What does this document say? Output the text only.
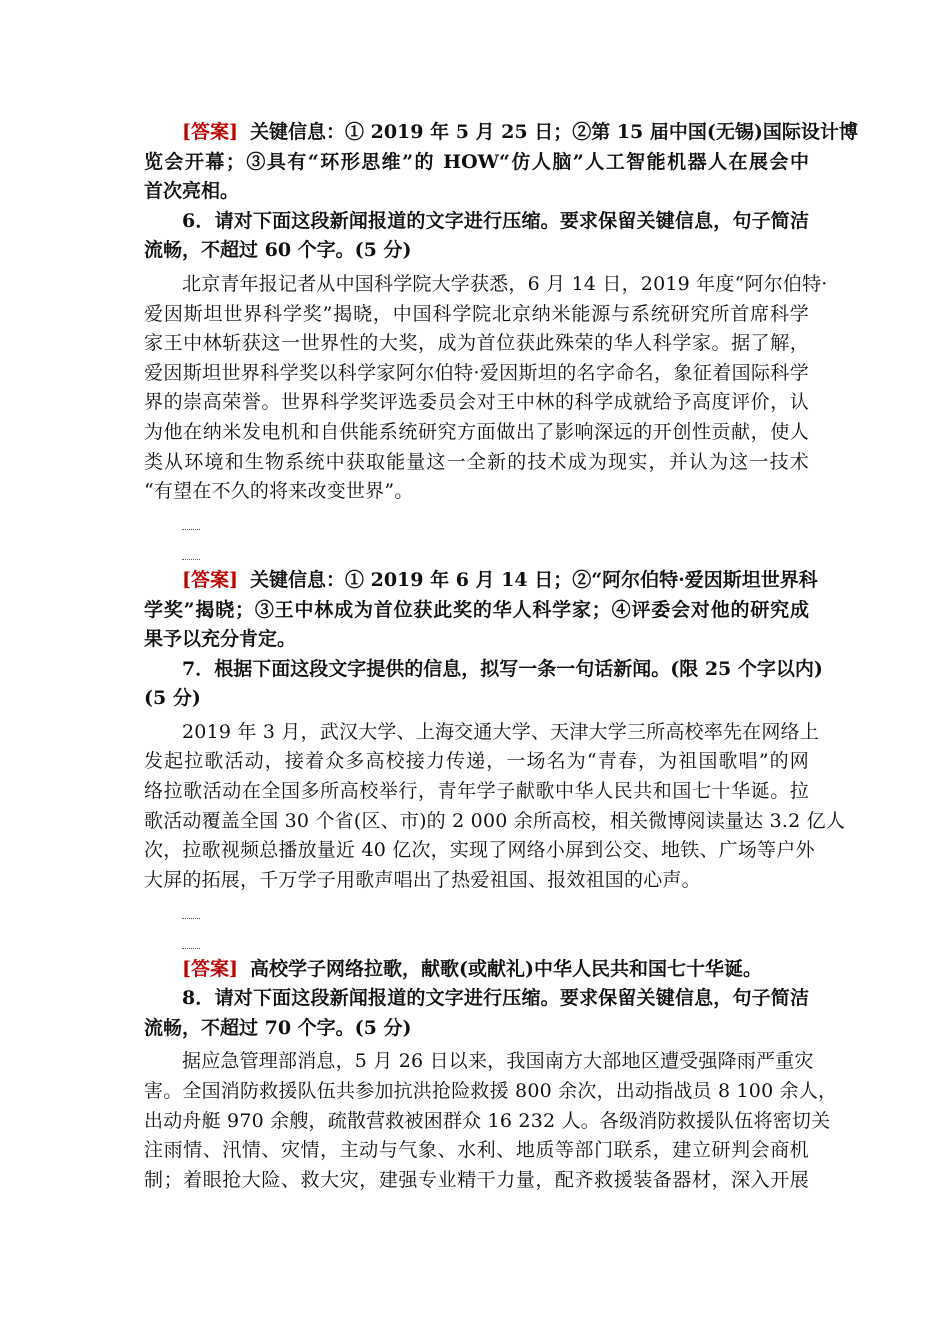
[答案] 关键信息：① 2019 年 5 月 25 日；②第 15 届中国(无锡)国际设计博
览会开幕；③具有“环形思维”的 HOW“仿人脑”人工智能机器人在展会中
首次亮相。
6．请对下面这段新闻报道的文字进行压缩。要求保留关键信息，句子简洁
流畅，不超过 60 个字。(5 分)
北京青年报记者从中国科学院大学获悉，6 月 14 日，2019 年度“阿尔伯特·
爱因斯坦世界科学奖”揭晓，中国科学院北京纳米能源与系统研究所首席科学
家王中林斩获这一世界性的大奖，成为首位获此殊荣的华人科学家。据了解，
爱因斯坦世界科学奖以科学家阿尔伯特·爱因斯坦的名字命名，象征着国际科学
界的崇高荣誉。世界科学奖评选委员会对王中林的科学成就给予高度评价，认
为他在纳米发电机和自供能系统研究方面做出了影响深远的开创性贡献，使人
类从环境和生物系统中获取能量这一全新的技术成为现实，并认为这一技术
“有望在不久的将来改变世界”。
[答案] 关键信息：① 2019 年 6 月 14 日；②“阿尔伯特·爱因斯坦世界科
学奖”揭晓；③王中林成为首位获此奖的华人科学家；④评委会对他的研究成
果予以充分肯定。
7．根据下面这段文字提供的信息，拟写一条一句话新闻。(限 25 个字以内)
(5 分)
2019 年 3 月，武汉大学、上海交通大学、天津大学三所高校率先在网络上
发起拉歌活动，接着众多高校接力传递，一场名为“青春，为祖国歌唱”的网
络拉歌活动在全国多所高校举行，青年学子献歌中华人民共和国七十华诞。拉
歌活动覆盖全国 30 个省(区、市)的 2 000 余所高校，相关微博阅读量达 3.2 亿人
次，拉歌视频总播放量近 40 亿次，实现了网络小屏到公交、地铁、广场等户外
大屏的拓展，千万学子用歌声唱出了热爱祖国、报效祖国的心声。
[答案] 高校学子网络拉歌，献歌(或献礼)中华人民共和国七十华诞。
8．请对下面这段新闻报道的文字进行压缩。要求保留关键信息，句子简洁
流畅，不超过 70 个字。(5 分)
据应急管理部消息，5 月 26 日以来，我国南方大部地区遭受强降雨严重灾
害。全国消防救援队伍共参加抗洪抢险救援 800 余次，出动指战员 8 100 余人，
出动舟艇 970 余艘，疏散营救被困群众 16 232 人。各级消防救援队伍将密切关
注雨情、汛情、灾情，主动与气象、水利、地质等部门联系，建立研判会商机
制；着眼抢大险、救大灾，建强专业精干力量，配齐救援装备器材，深入开展
